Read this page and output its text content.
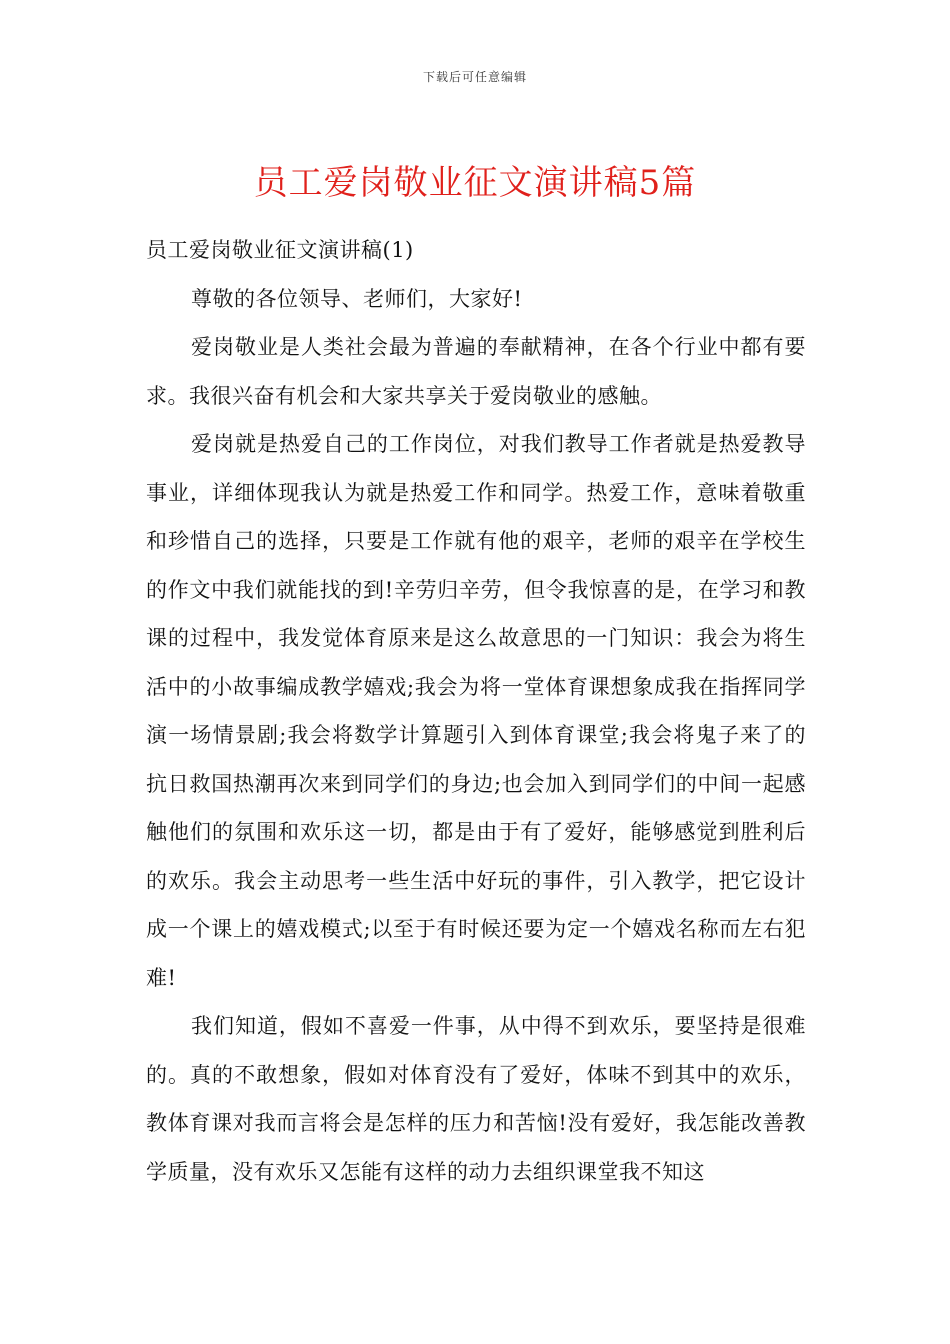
下载后可任意编辑
员工爱岗敬业征文演讲稿5篇

员工爱岗敬业征文演讲稿(1)

尊敬的各位领导、老师们，大家好!

爱岗敬业是人类社会最为普遍的奉献精神，在各个行业中都有要求。我很兴奋有机会和大家共享关于爱岗敬业的感触。

爱岗就是热爱自己的工作岗位，对我们教导工作者就是热爱教导事业，详细体现我认为就是热爱工作和同学。热爱工作，意味着敬重和珍惜自己的选择，只要是工作就有他的艰辛，老师的艰辛在学校生的作文中我们就能找的到!辛劳归辛劳，但令我惊喜的是，在学习和教课的过程中，我发觉体育原来是这么故意思的一门知识：我会为将生活中的小故事编成教学嬉戏;我会为将一堂体育课想象成我在指挥同学演一场情景剧;我会将数学计算题引入到体育课堂;我会将鬼子来了的抗日救国热潮再次来到同学们的身边;也会加入到同学们的中间一起感触他们的氛围和欢乐这一切，都是由于有了爱好，能够感觉到胜利后的欢乐。我会主动思考一些生活中好玩的事件，引入教学，把它设计成一个课上的嬉戏模式;以至于有时候还要为定一个嬉戏名称而左右犯难!

我们知道，假如不喜爱一件事，从中得不到欢乐，要坚持是很难的。真的不敢想象，假如对体育没有了爱好，体味不到其中的欢乐，教体育课对我而言将会是怎样的压力和苦恼!没有爱好，我怎能改善教学质量，没有欢乐又怎能有这样的动力去组织课堂我不知这
